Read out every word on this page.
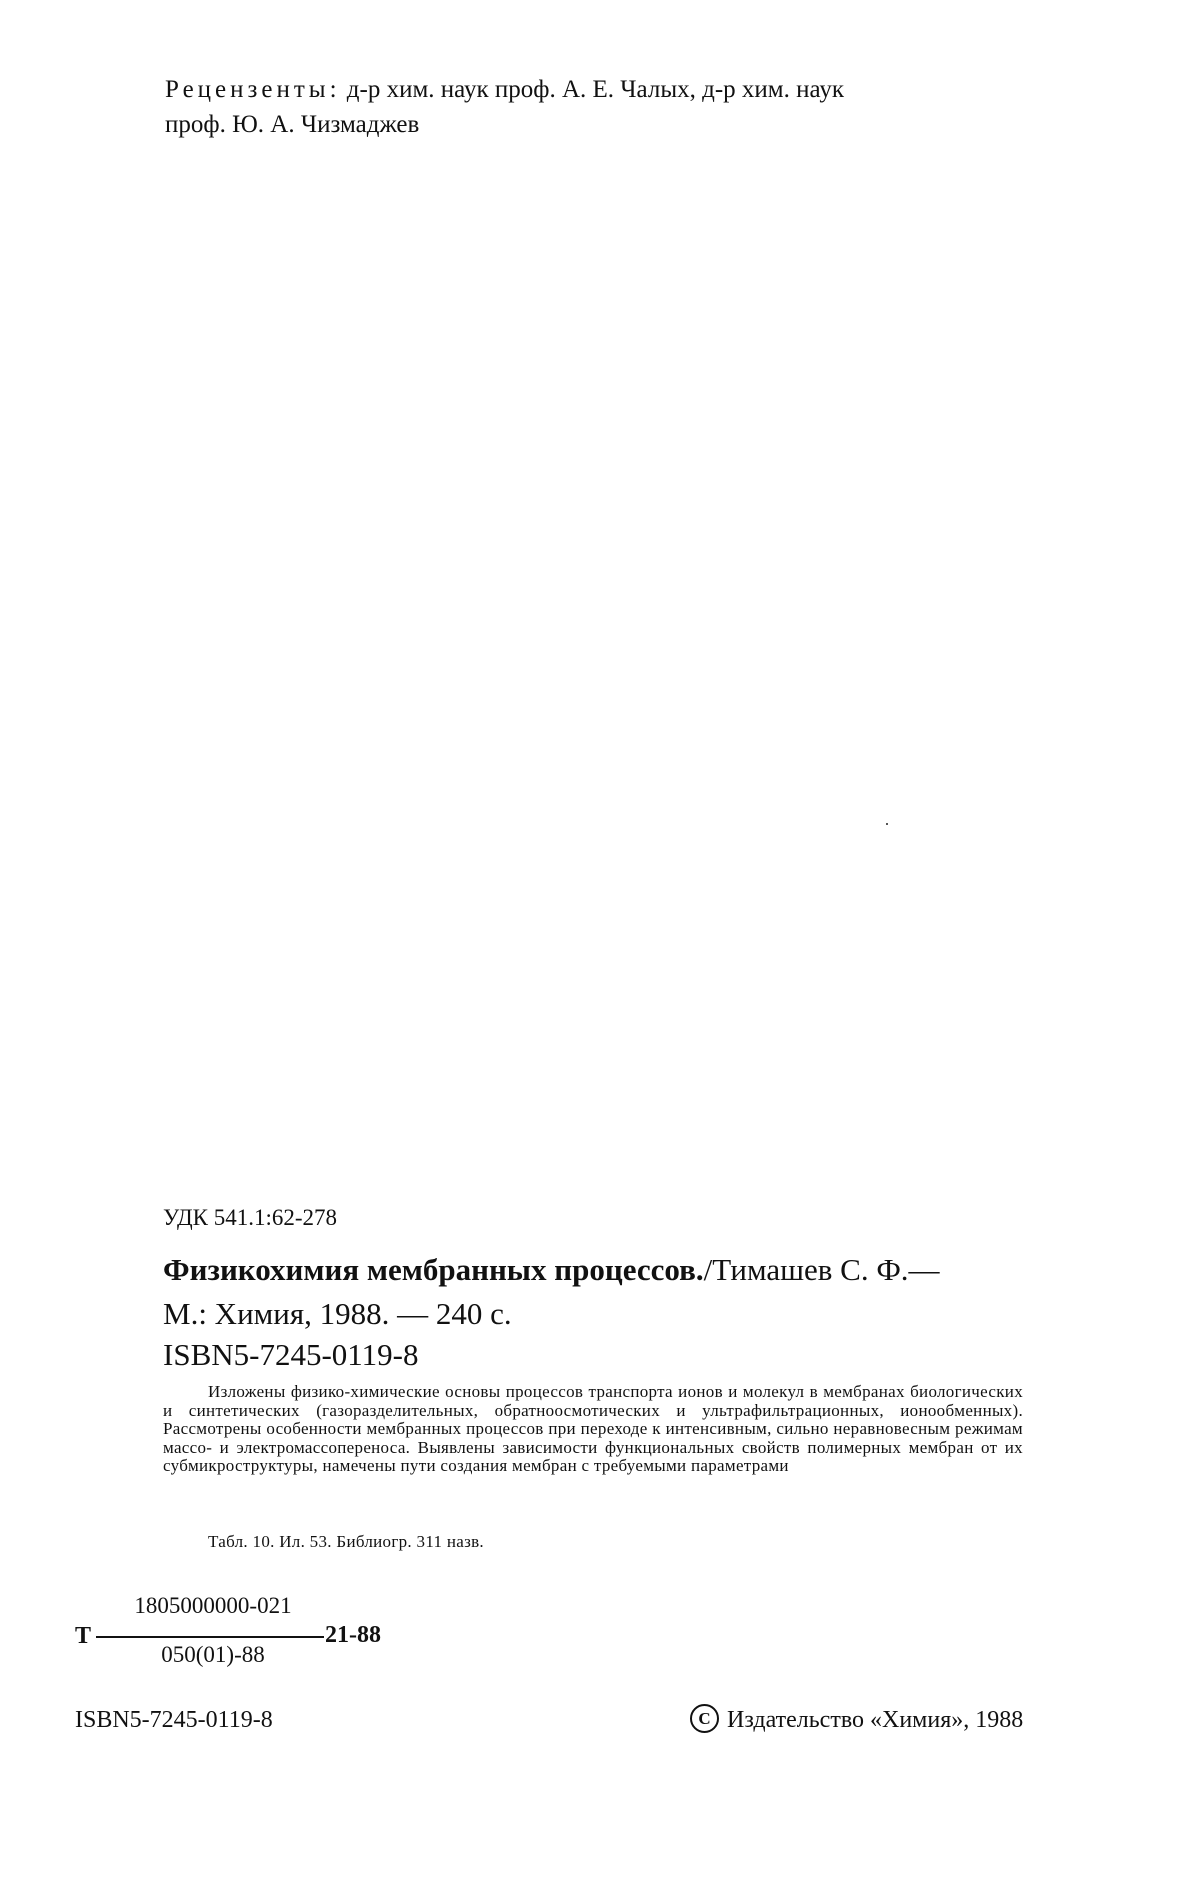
Рецензенты: д-р хим. наук проф. А. Е. Чалых, д-р хим. наук
проф. Ю. А. Чизмаджев
УДК 541.1:62-278
Физикохимия мембранных процессов./Тимашев С. Ф.—
М.: Химия, 1988. — 240 с.
ISBN5-7245-0119-8
Изложены физико-химические основы процессов транспорта ионов и молекул в мембранах биологических и синтетических (газоразделительных, обратноосмотических и ультрафильтрационных, ионообменных). Рассмотрены особенности мембранных процессов при переходе к интенсивным, сильно неравновесным режимам массо- и электромассопереноса. Выявлены зависимости функциональных свойств полимерных мембран от их субмикроструктуры, намечены пути создания мембран с требуемыми параметрами
Табл. 10. Ил. 53. Библиогр. 311 назв.
Т
1805000000-021
050(01)-88
21-88
ISBN5-7245-0119-8	С Издательство «Химия», 1988
